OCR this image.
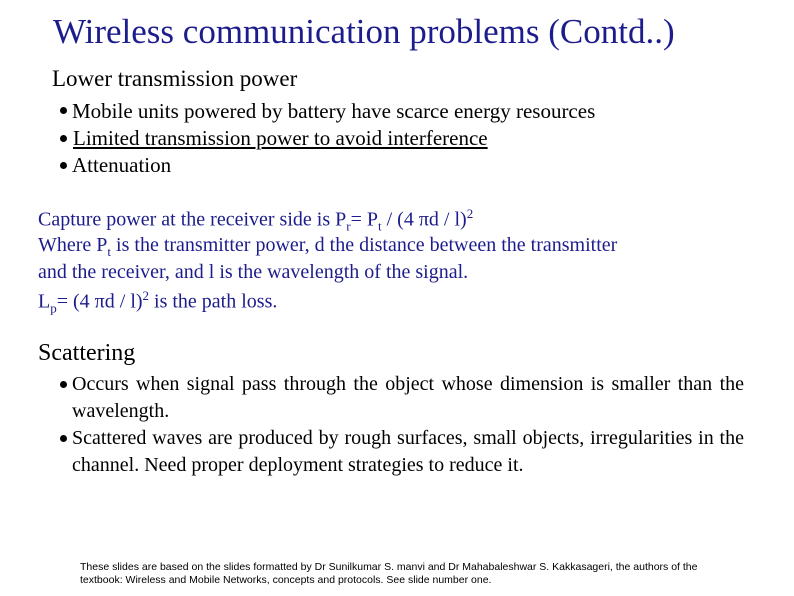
Wireless communication problems (Contd..)
Lower transmission power
Mobile units powered by battery have scarce energy resources
Limited transmission power to avoid interference
Attenuation
Capture power at the receiver side is $P_r= P_t / (4$ πd / l)$^2$
Where $P_t$ is the transmitter power, d the distance between the transmitter
and the receiver, and l is the wavelength of the signal.
$L_p= (4$ πd / l)$^2$ is the path loss.
Scattering
Occurs when signal pass through the object whose dimension is smaller than the wavelength.
Scattered waves are produced by rough surfaces, small objects, irregularities in the channel. Need proper deployment strategies to reduce it.
These slides are based on the slides formatted by Dr Sunilkumar S. manvi and Dr Mahabaleshwar S. Kakkasageri, the authors of the textbook: Wireless and Mobile Networks, concepts and protocols. See slide number one.
